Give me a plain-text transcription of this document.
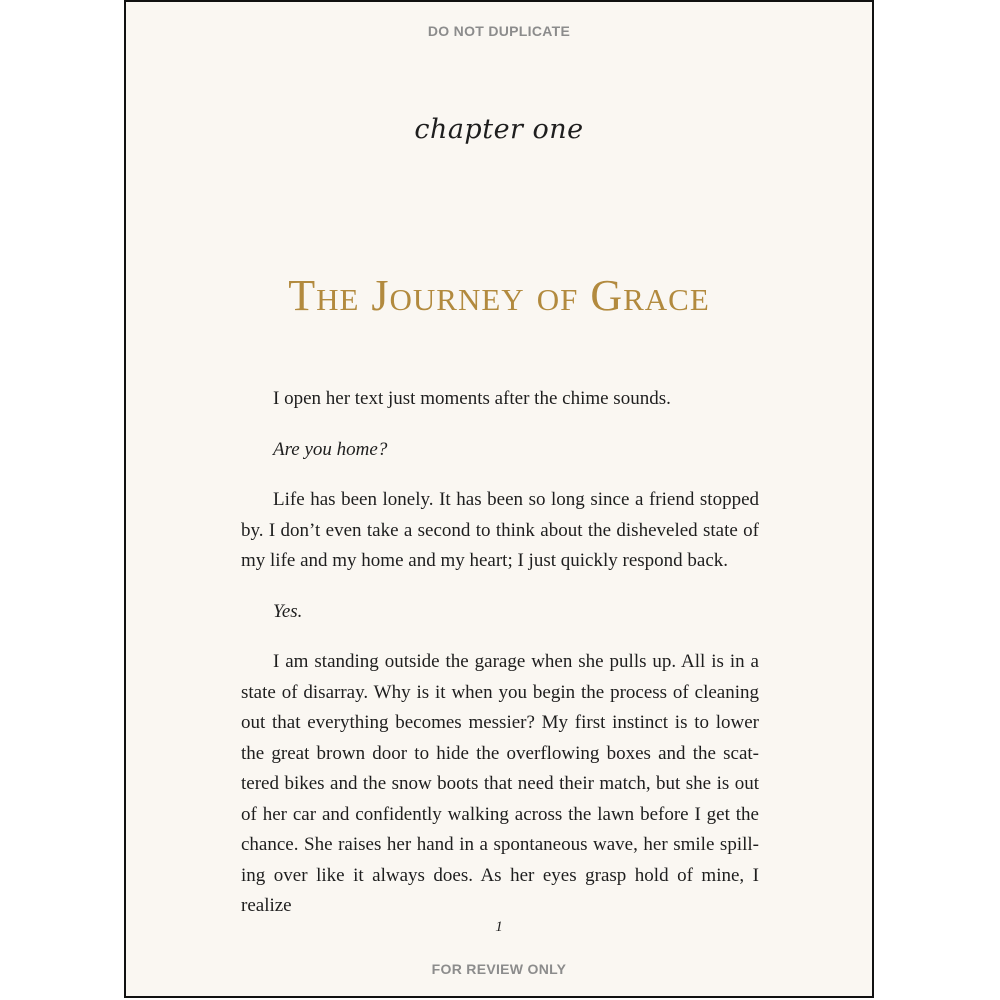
DO NOT DUPLICATE
chapter one
The Journey of Grace

I open her text just moments after the chime sounds.

Are you home?

Life has been lonely. It has been so long since a friend stopped by. I don’t even take a second to think about the disheveled state of my life and my home and my heart; I just quickly respond back.

Yes.

I am standing outside the garage when she pulls up. All is in a state of disarray. Why is it when you begin the process of cleaning out that everything becomes messier? My first instinct is to lower the great brown door to hide the overflowing boxes and the scattered bikes and the snow boots that need their match, but she is out of her car and confidently walking across the lawn before I get the chance. She raises her hand in a spontaneous wave, her smile spilling over like it always does. As her eyes grasp hold of mine, I realize

1
FOR REVIEW ONLY
